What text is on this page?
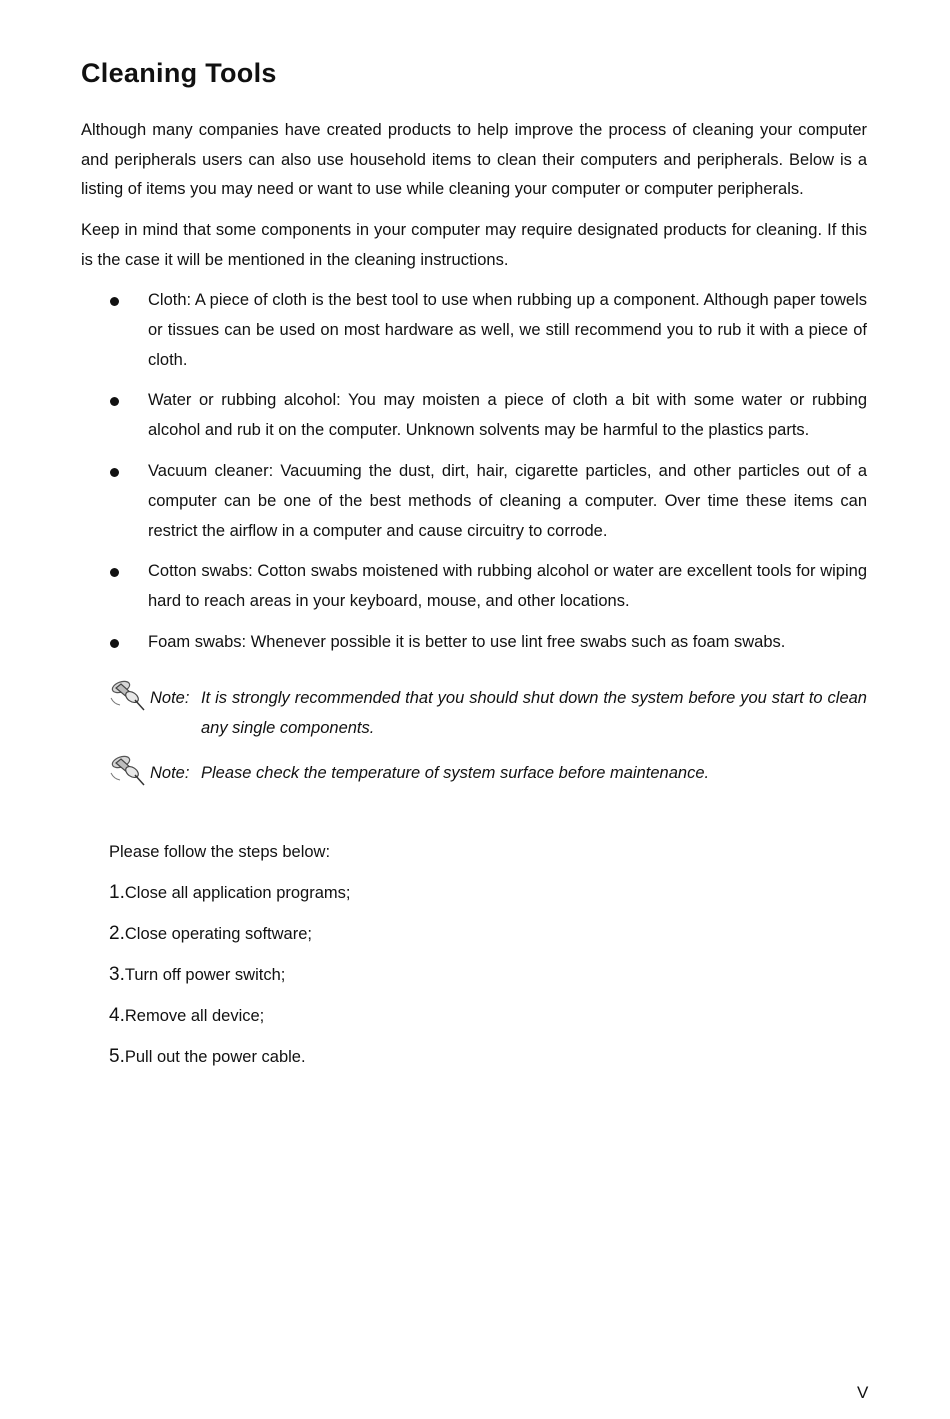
Cleaning Tools

Although many companies have created products to help improve the process of cleaning your computer and peripherals users can also use household items to clean their computers and peripherals. Below is a listing of items you may need or want to use while cleaning your computer or computer peripherals.

Keep in mind that some components in your computer may require designated products for cleaning. If this is the case it will be mentioned in the cleaning instructions.

Cloth: A piece of cloth is the best tool to use when rubbing up a component. Although paper towels or tissues can be used on most hardware as well, we still recommend you to rub it with a piece of cloth.
Water or rubbing alcohol: You may moisten a piece of cloth a bit with some water or rubbing alcohol and rub it on the computer. Unknown solvents may be harmful to the plastics parts.
Vacuum cleaner: Vacuuming the dust, dirt, hair, cigarette particles, and other particles out of a computer can be one of the best methods of cleaning a computer. Over time these items can restrict the airflow in a computer and cause circuitry to corrode.
Cotton swabs: Cotton swabs moistened with rubbing alcohol or water are excellent tools for wiping hard to reach areas in your keyboard, mouse, and other locations.
Foam swabs: Whenever possible it is better to use lint free swabs such as foam swabs.
Note: It is strongly recommended that you should shut down the system before you start to clean any single components.
Note: Please check the temperature of system surface before maintenance.
Please follow the steps below:
1.Close all application programs;
2.Close operating software;
3.Turn off power switch;
4.Remove all device;
5.Pull out the power cable.
V
